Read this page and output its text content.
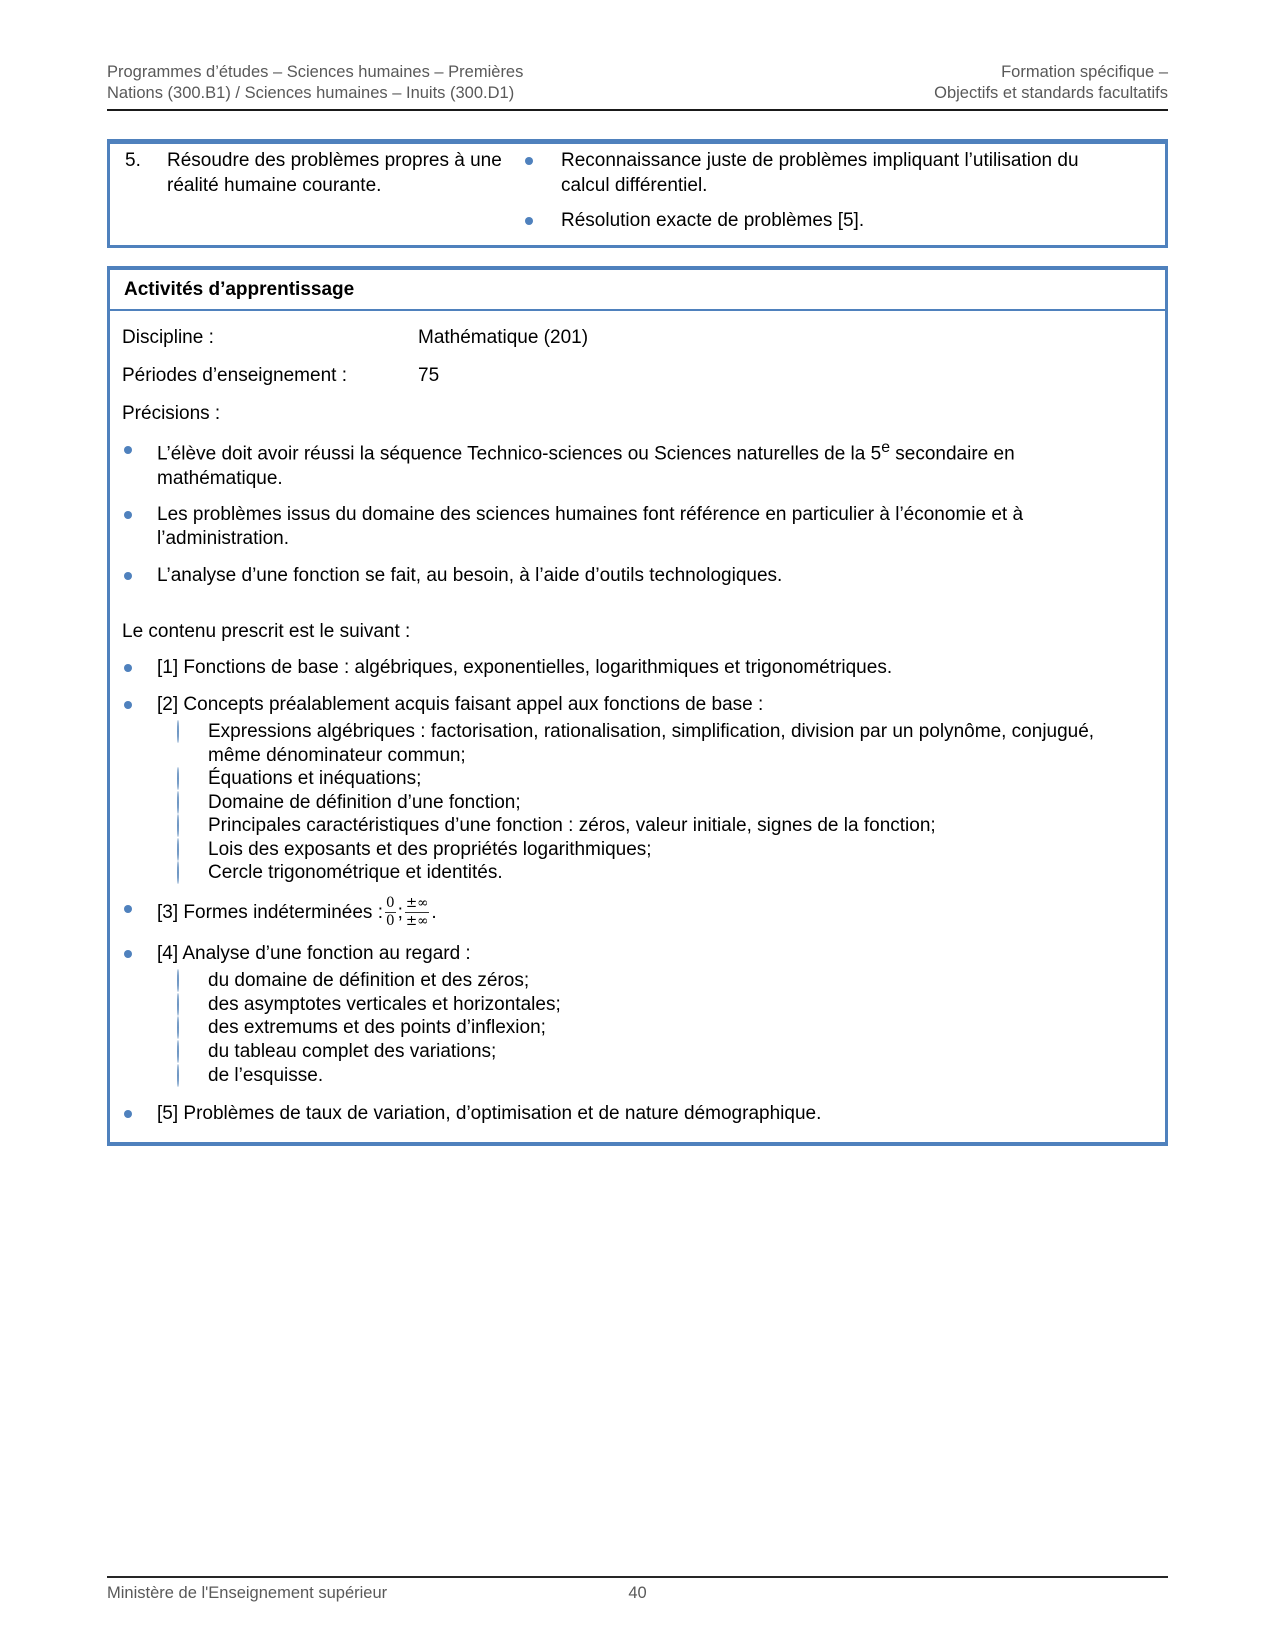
Programmes d’études – Sciences humaines – Premières
Nations (300.B1) / Sciences humaines – Inuits (300.D1)
Formation spécifique –
Objectifs et standards facultatifs
5.	Résoudre des problèmes propres à une réalité humaine courante.

Reconnaissance juste de problèmes impliquant l’utilisation du calcul différentiel.

Résolution exacte de problèmes [5].

Activités d’apprentissage
Discipline :	Mathématique (201)
Périodes d’enseignement :	75
Précisions :

L’élève doit avoir réussi la séquence Technico-sciences ou Sciences naturelles de la 5e secondaire en mathématique.

Les problèmes issus du domaine des sciences humaines font référence en particulier à l’économie et à l’administration.

L’analyse d’une fonction se fait, au besoin, à l’aide d’outils technologiques.

Le contenu prescrit est le suivant :

[1] Fonctions de base : algébriques, exponentielles, logarithmiques et trigonométriques.

[2] Concepts préalablement acquis faisant appel aux fonctions de base :

Expressions algébriques : factorisation, rationalisation, simplification, division par un polynôme, conjugué, même dénominateur commun;

Équations et inéquations;

Domaine de définition d’une fonction;

Principales caractéristiques d’une fonction : zéros, valeur initiale, signes de la fonction;

Lois des exposants et des propriétés logarithmiques;

Cercle trigonométrique et identités.

[3] Formes indéterminées : $\frac{0}{0}$ ; $\frac{\pm\infty}{\pm\infty}$ .

[4] Analyse d’une fonction au regard :

du domaine de définition et des zéros;

des asymptotes verticales et horizontales;

des extremums et des points d’inflexion;

du tableau complet des variations;

de l’esquisse.

[5] Problèmes de taux de variation, d’optimisation et de nature démographique.

Ministère de l'Enseignement supérieur	40
